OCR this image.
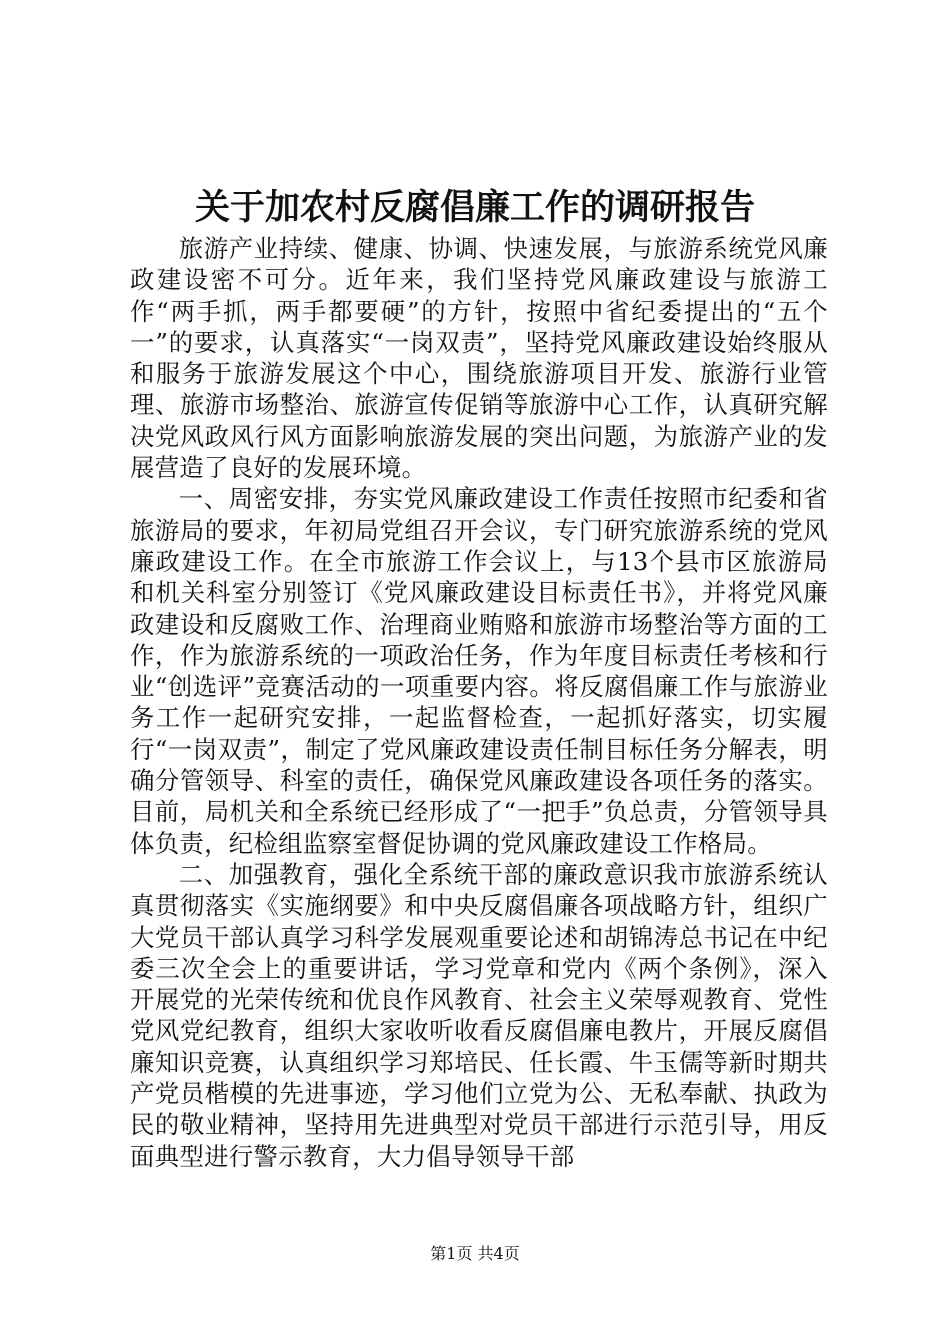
关于加农村反腐倡廉工作的调研报告

旅游产业持续、健康、协调、快速发展，与旅游系统党风廉政建设密不可分。近年来，我们坚持党风廉政建设与旅游工作“两手抓，两手都要硬”的方针，按照中省纪委提出的“五个一”的要求，认真落实“一岗双责”，坚持党风廉政建设始终服从和服务于旅游发展这个中心，围绕旅游项目开发、旅游行业管理、旅游市场整治、旅游宣传促销等旅游中心工作，认真研究解决党风政风行风方面影响旅游发展的突出问题，为旅游产业的发展营造了良好的发展环境。

一、周密安排，夯实党风廉政建设工作责任按照市纪委和省旅游局的要求，年初局党组召开会议，专门研究旅游系统的党风廉政建设工作。在全市旅游工作会议上，与13个县市区旅游局和机关科室分别签订《党风廉政建设目标责任书》，并将党风廉政建设和反腐败工作、治理商业贿赂和旅游市场整治等方面的工作，作为旅游系统的一项政治任务，作为年度目标责任考核和行业“创选评”竞赛活动的一项重要内容。将反腐倡廉工作与旅游业务工作一起研究安排，一起监督检查，一起抓好落实，切实履行“一岗双责”，制定了党风廉政建设责任制目标任务分解表，明确分管领导、科室的责任，确保党风廉政建设各项任务的落实。目前，局机关和全系统已经形成了“一把手”负总责，分管领导具体负责，纪检组监察室督促协调的党风廉政建设工作格局。

二、加强教育，强化全系统干部的廉政意识我市旅游系统认真贯彻落实《实施纲要》和中央反腐倡廉各项战略方针，组织广大党员干部认真学习科学发展观重要论述和胡锦涛总书记在中纪委三次全会上的重要讲话，学习党章和党内《两个条例》，深入开展党的光荣传统和优良作风教育、社会主义荣辱观教育、党性党风党纪教育，组织大家收听收看反腐倡廉电教片，开展反腐倡廉知识竞赛，认真组织学习郑培民、任长霞、牛玉儒等新时期共产党员楷模的先进事迹，学习他们立党为公、无私奉献、执政为民的敬业精神，坚持用先进典型对党员干部进行示范引导，用反面典型进行警示教育，大力倡导领导干部

第1页 共4页
